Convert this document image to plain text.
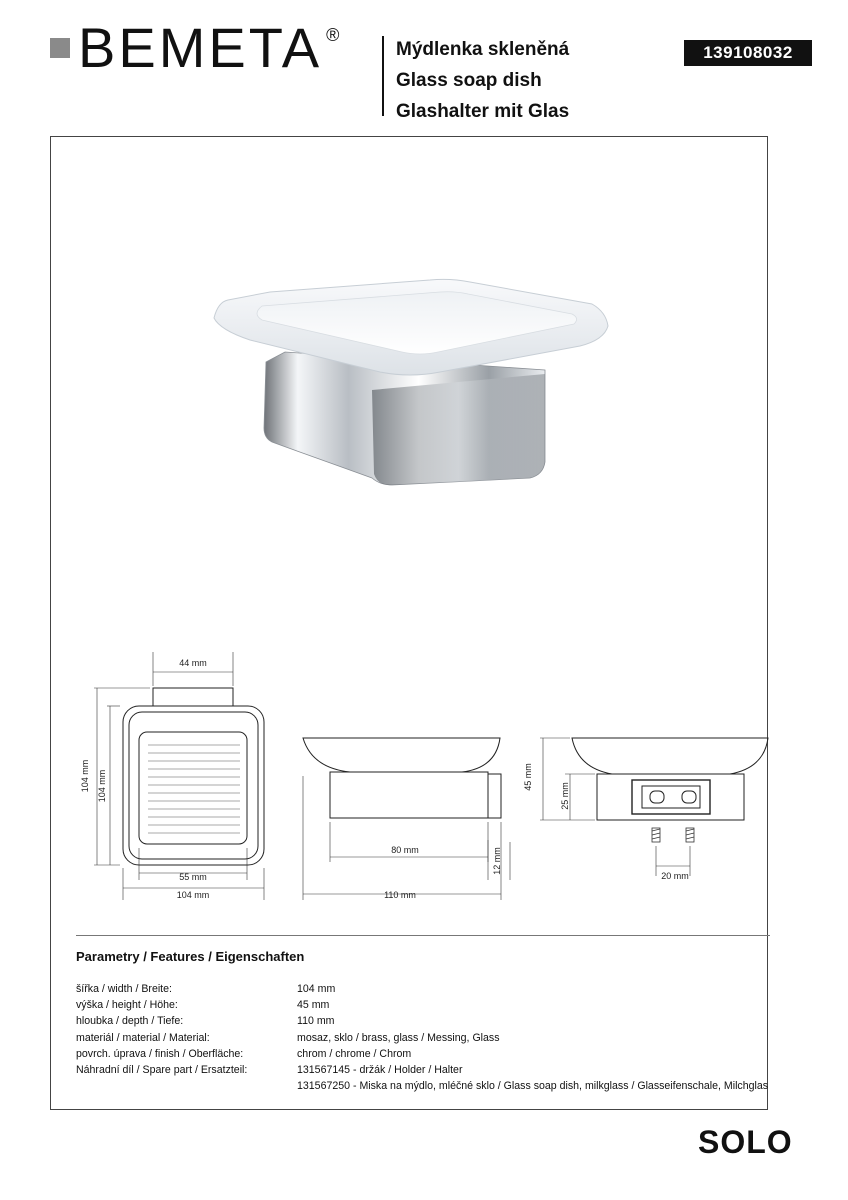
BEMETA ®
Mýdlenka skleněná
Glass soap dish
Glashalter mit Glas
139108032
44 mm
104 mm 104 mm
55 mm
104 mm
80 mm
110 mm
12 mm
45 mm
25 mm
20 mm
Parametry / Features / Eigenschaften
šířka / width / Breite:	104 mm
výška / height / Höhe:	45 mm
hloubka / depth / Tiefe:	110 mm
materiál / material / Material:	mosaz, sklo / brass, glass / Messing, Glass
povrch. úprava / finish / Oberfläche:	chrom / chrome / Chrom
Náhradní díl / Spare part / Ersatzteil:	131567145 - držák / Holder / Halter
131567250 - Miska na mýdlo, mléčné sklo / Glass soap dish, milkglass / Glasseifenschale, Milchglas
SOLO
